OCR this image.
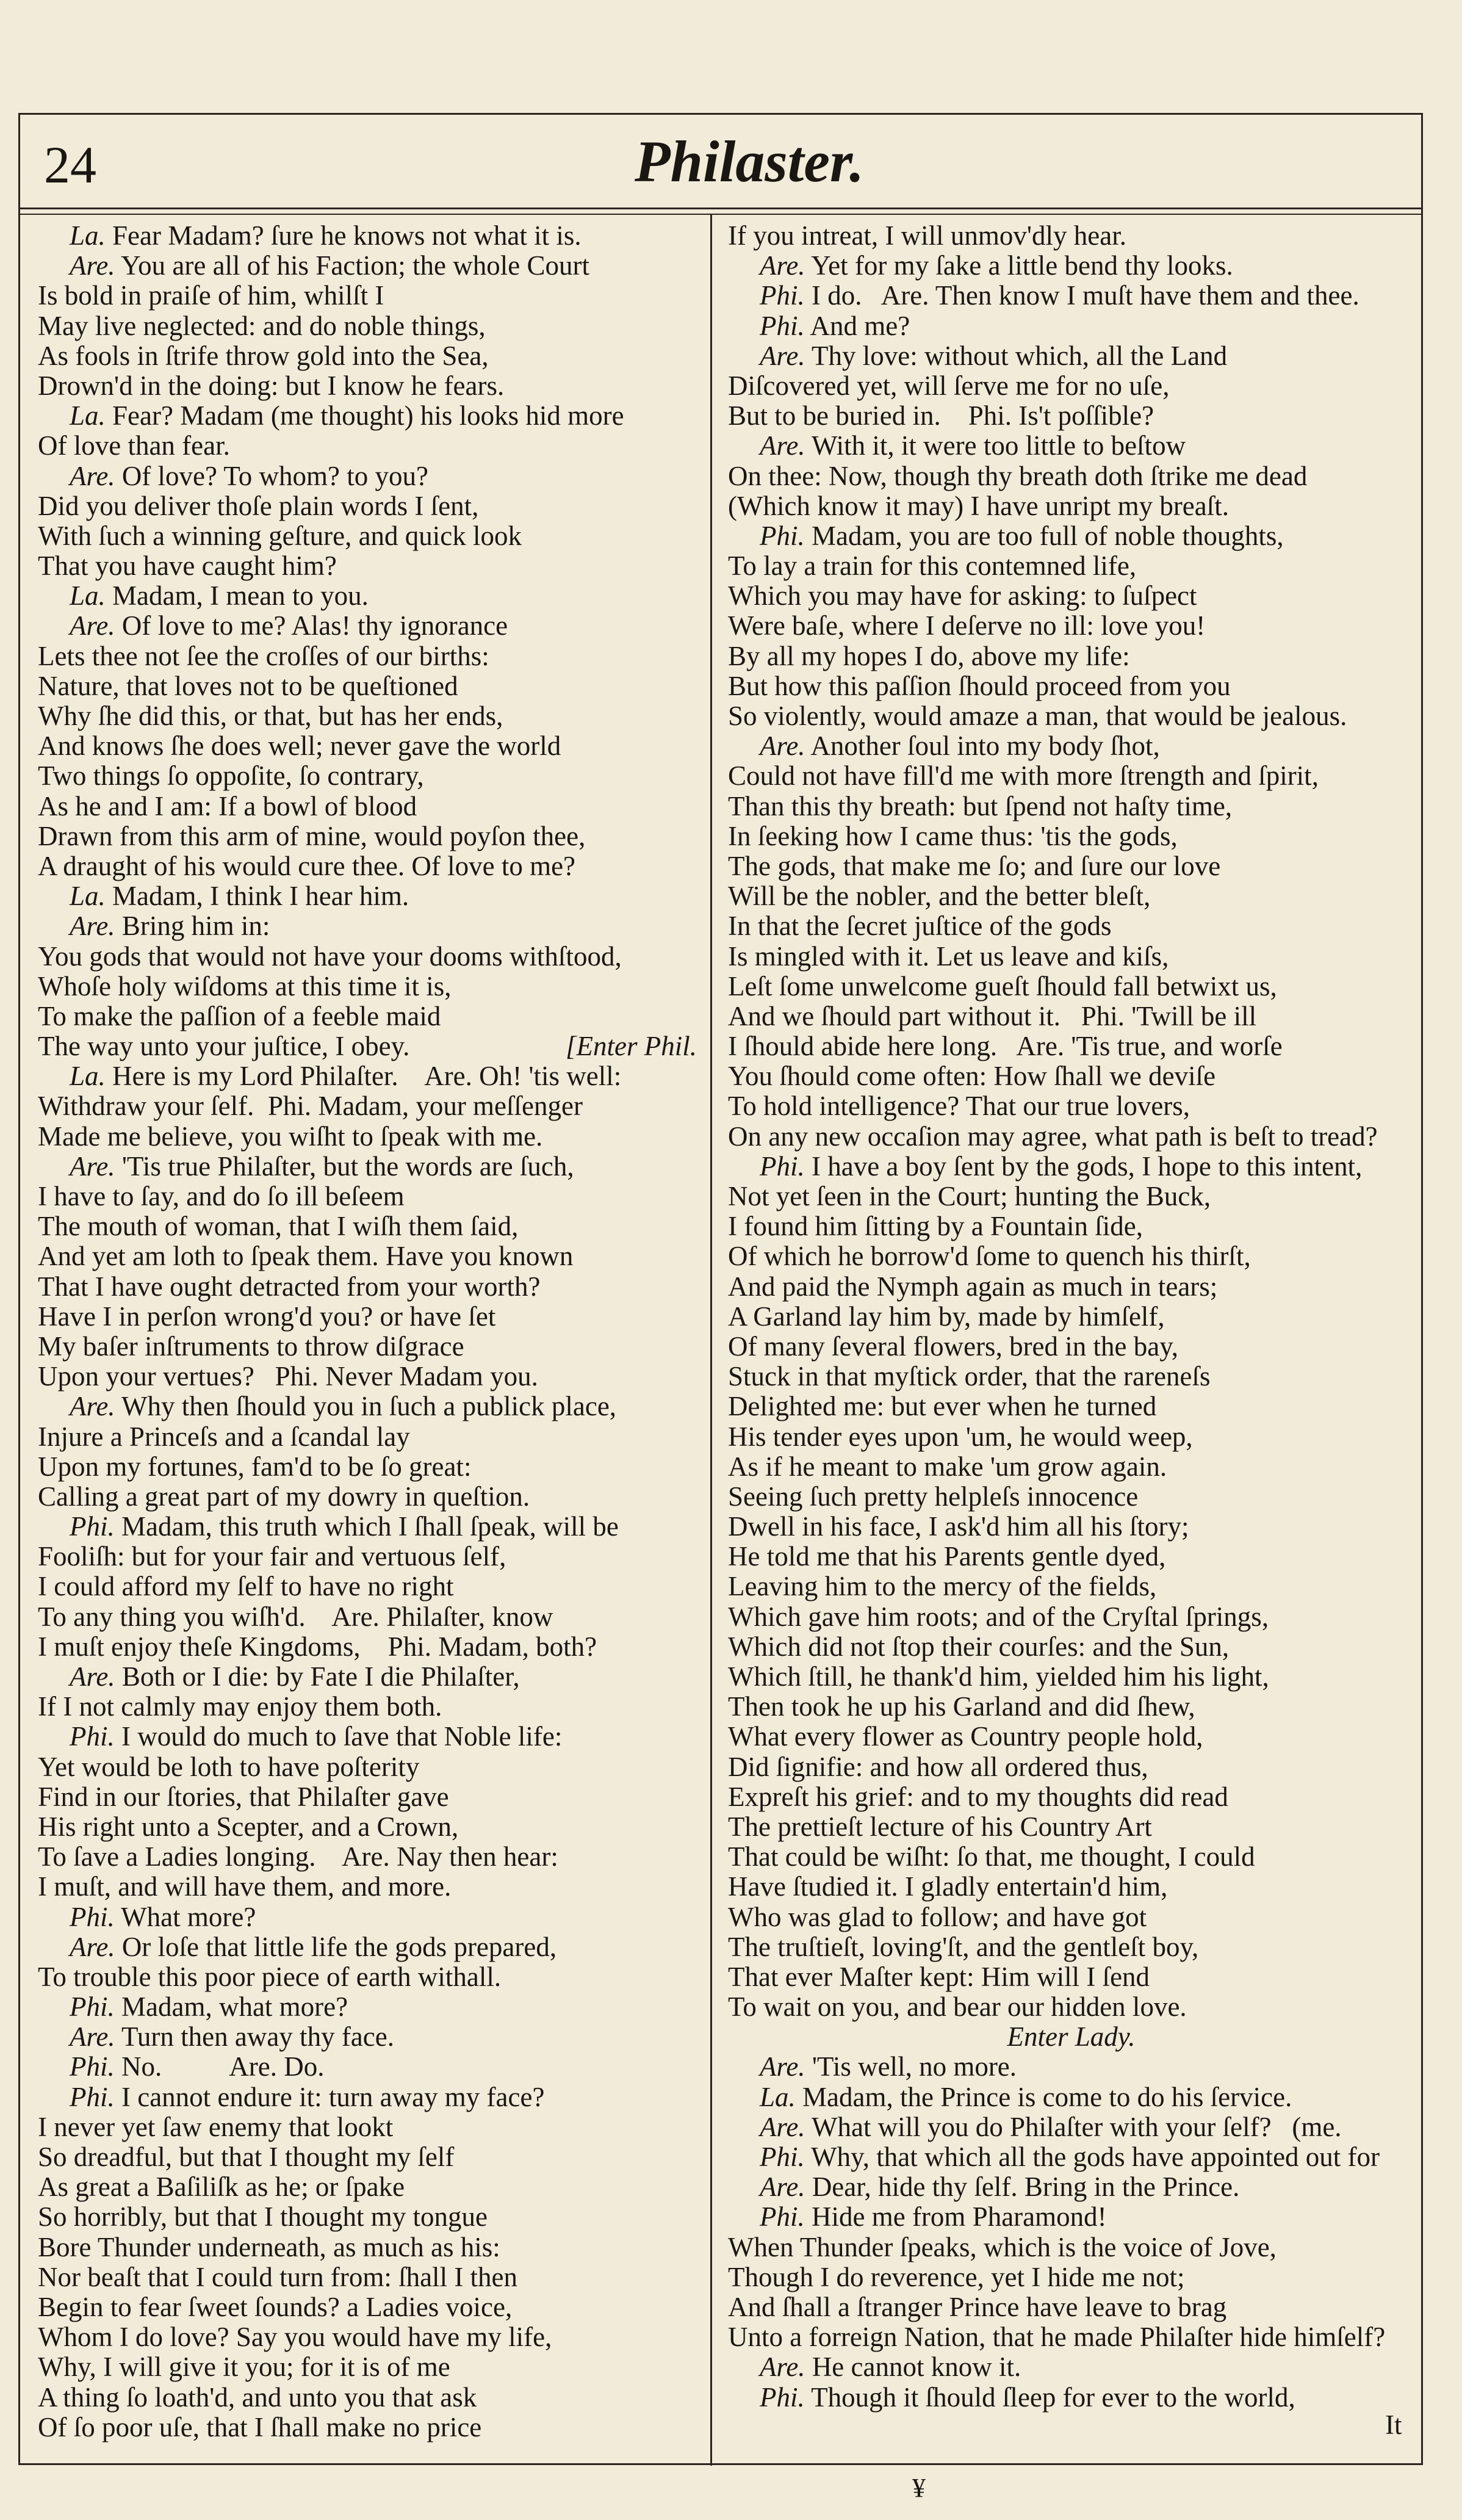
24	Philaster.
La. Fear Madam? ſure he knows not what it is.
Are. You are all of his Faction; the whole Court
Is bold in praiſe of him, whilſt I
May live neglected: and do noble things,
As fools in ſtrife throw gold into the Sea,
Drown'd in the doing: but I know he fears.
La. Fear? Madam (me thought) his looks hid more
Of love than fear.
Are. Of love? To whom? to you?
Did you deliver thoſe plain words I ſent,
With ſuch a winning geſture, and quick look
That you have caught him?
La. Madam, I mean to you.
Are. Of love to me? Alas! thy ignorance
Lets thee not ſee the croſſes of our births:
Nature, that loves not to be queſtioned
Why ſhe did this, or that, but has her ends,
And knows ſhe does well; never gave the world
Two things ſo oppoſite, ſo contrary,
As he and I am: If a bowl of blood
Drawn from this arm of mine, would poyſon thee,
A draught of his would cure thee. Of love to me?
La. Madam, I think I hear him.
Are. Bring him in:
You gods that would not have your dooms withſtood,
Whoſe holy wiſdoms at this time it is,
To make the paſſion of a feeble maid
[Enter Phil.
The way unto your juſtice, I obey.
La. Here is my Lord Philaſter.    Are. Oh! 'tis well:
Withdraw your ſelf.  Phi. Madam, your meſſenger
Made me believe, you wiſht to ſpeak with me.
Are. 'Tis true Philaſter, but the words are ſuch,
I have to ſay, and do ſo ill beſeem
The mouth of woman, that I wiſh them ſaid,
And yet am loth to ſpeak them. Have you known
That I have ought detracted from your worth?
Have I in perſon wrong'd you? or have ſet
My baſer inſtruments to throw diſgrace
Upon your vertues?   Phi. Never Madam you.
Are. Why then ſhould you in ſuch a publick place,
Injure a Princeſs and a ſcandal lay
Upon my fortunes, fam'd to be ſo great:
Calling a great part of my dowry in queſtion.
Phi. Madam, this truth which I ſhall ſpeak, will be
Fooliſh: but for your fair and vertuous ſelf,
I could afford my ſelf to have no right
To any thing you wiſh'd.    Are. Philaſter, know
I muſt enjoy theſe Kingdoms,    Phi. Madam, both?
Are. Both or I die: by Fate I die Philaſter,
If I not calmly may enjoy them both.
Phi. I would do much to ſave that Noble life:
Yet would be loth to have poſterity
Find in our ſtories, that Philaſter gave
His right unto a Scepter, and a Crown,
To ſave a Ladies longing.    Are. Nay then hear:
I muſt, and will have them, and more.
Phi. What more?
Are. Or loſe that little life the gods prepared,
To trouble this poor piece of earth withall.
Phi. Madam, what more?
Are. Turn then away thy face.
Phi. No.          Are. Do.
Phi. I cannot endure it: turn away my face?
I never yet ſaw enemy that lookt
So dreadful, but that I thought my ſelf
As great a Baſiliſk as he; or ſpake
So horribly, but that I thought my tongue
Bore Thunder underneath, as much as his:
Nor beaſt that I could turn from: ſhall I then
Begin to fear ſweet ſounds? a Ladies voice,
Whom I do love? Say you would have my life,
Why, I will give it you; for it is of me
A thing ſo loath'd, and unto you that ask
Of ſo poor uſe, that I ſhall make no price
If you intreat, I will unmov'dly hear.
Are. Yet for my ſake a little bend thy looks.
Phi. I do.   Are. Then know I muſt have them and thee.
Phi. And me?
Are. Thy love: without which, all the Land
Diſcovered yet, will ſerve me for no uſe,
But to be buried in.    Phi. Is't poſſible?
Are. With it, it were too little to beſtow
On thee: Now, though thy breath doth ſtrike me dead
(Which know it may) I have unript my breaſt.
Phi. Madam, you are too full of noble thoughts,
To lay a train for this contemned life,
Which you may have for asking: to ſuſpect
Were baſe, where I deſerve no ill: love you!
By all my hopes I do, above my life:
But how this paſſion ſhould proceed from you
So violently, would amaze a man, that would be jealous.
Are. Another ſoul into my body ſhot,
Could not have fill'd me with more ſtrength and ſpirit,
Than this thy breath: but ſpend not haſty time,
In ſeeking how I came thus: 'tis the gods,
The gods, that make me ſo; and ſure our love
Will be the nobler, and the better bleſt,
In that the ſecret juſtice of the gods
Is mingled with it. Let us leave and kiſs,
Leſt ſome unwelcome gueſt ſhould fall betwixt us,
And we ſhould part without it.   Phi. 'Twill be ill
I ſhould abide here long.   Are. 'Tis true, and worſe
You ſhould come often: How ſhall we deviſe
To hold intelligence? That our true lovers,
On any new occaſion may agree, what path is beſt to tread?
Phi. I have a boy ſent by the gods, I hope to this intent,
Not yet ſeen in the Court; hunting the Buck,
I found him ſitting by a Fountain ſide,
Of which he borrow'd ſome to quench his thirſt,
And paid the Nymph again as much in tears;
A Garland lay him by, made by himſelf,
Of many ſeveral flowers, bred in the bay,
Stuck in that myſtick order, that the rareneſs
Delighted me: but ever when he turned
His tender eyes upon 'um, he would weep,
As if he meant to make 'um grow again.
Seeing ſuch pretty helpleſs innocence
Dwell in his face, I ask'd him all his ſtory;
He told me that his Parents gentle dyed,
Leaving him to the mercy of the fields,
Which gave him roots; and of the Cryſtal ſprings,
Which did not ſtop their courſes: and the Sun,
Which ſtill, he thank'd him, yielded him his light,
Then took he up his Garland and did ſhew,
What every flower as Country people hold,
Did ſignifie: and how all ordered thus,
Expreſt his grief: and to my thoughts did read
The prettieſt lecture of his Country Art
That could be wiſht: ſo that, me thought, I could
Have ſtudied it. I gladly entertain'd him,
Who was glad to follow; and have got
The truſtieſt, loving'ſt, and the gentleſt boy,
That ever Maſter kept: Him will I ſend
To wait on you, and bear our hidden love.
Enter Lady.
Are. 'Tis well, no more.
La. Madam, the Prince is come to do his ſervice.
Are. What will you do Philaſter with your ſelf?   (me.
Phi. Why, that which all the gods have appointed out for
Are. Dear, hide thy ſelf. Bring in the Prince.
Phi. Hide me from Pharamond!
When Thunder ſpeaks, which is the voice of Jove,
Though I do reverence, yet I hide me not;
And ſhall a ſtranger Prince have leave to brag
Unto a forreign Nation, that he made Philaſter hide himſelf?
Are. He cannot know it.
Phi. Though it ſhould ſleep for ever to the world,
It
¥
